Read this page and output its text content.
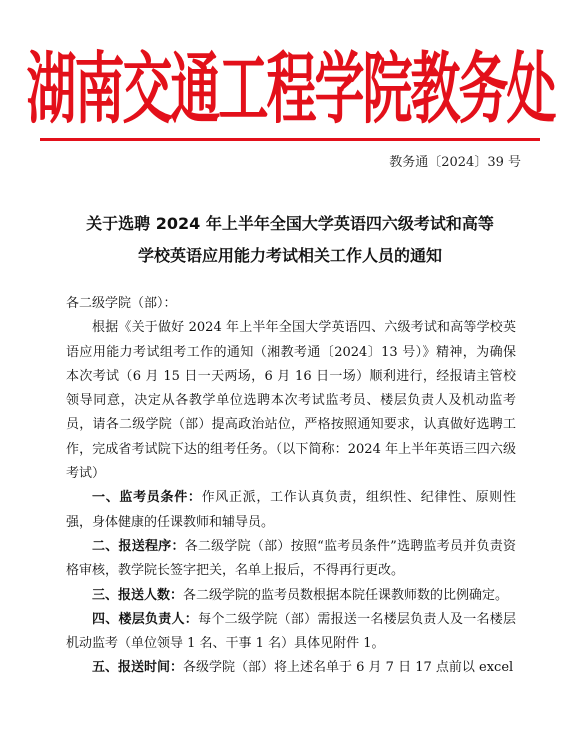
湖南交通工程学院教务处
教务通〔2024〕39 号
关于选聘 2024 年上半年全国大学英语四六级考试和高等
学校英语应用能力考试相关工作人员的通知

各二级学院（部）：

根据《关于做好 2024 年上半年全国大学英语四、六级考试和高等学校英语应用能力考试组考工作的通知（湘教考通〔2024〕13 号）》精神，为确保本次考试（6 月 15 日一天两场，6 月 16 日一场）顺利进行，经报请主管校领导同意，决定从各教学单位选聘本次考试监考员、楼层负责人及机动监考员，请各二级学院（部）提高政治站位，严格按照通知要求，认真做好选聘工作，完成省考试院下达的组考任务。（以下简称：2024 年上半年英语三四六级考试）

一、监考员条件：作风正派，工作认真负责，组织性、纪律性、原则性强，身体健康的任课教师和辅导员。

二、报送程序：各二级学院（部）按照“监考员条件”选聘监考员并负责资格审核，教学院长签字把关，名单上报后，不得再行更改。

三、报送人数：各二级学院的监考员数根据本院任课教师数的比例确定。

四、楼层负责人：每个二级学院（部）需报送一名楼层负责人及一名楼层机动监考（单位领导 1 名、干事 1 名）具体见附件 1。

五、报送时间：各级学院（部）将上述名单于 6 月 7 日 17 点前以 excel
